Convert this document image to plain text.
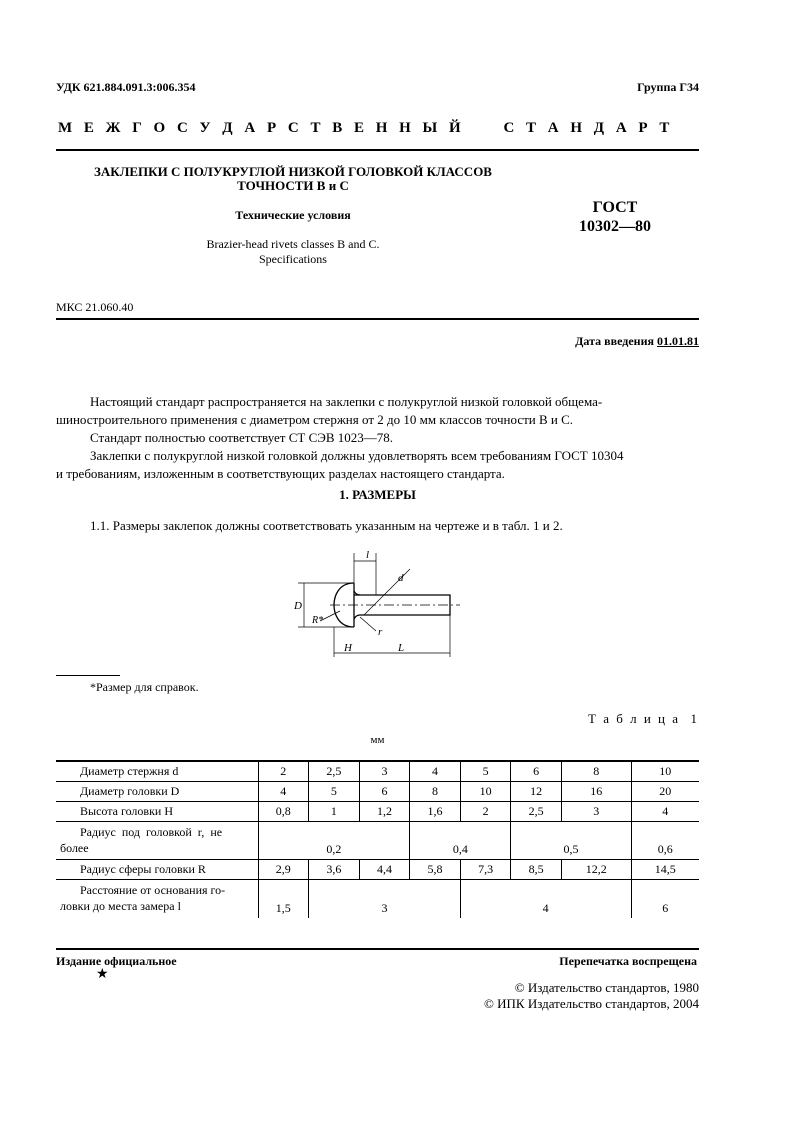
УДК 621.884.091.3:006.354	Группа Г34
М Е Ж Г О С У Д А Р С Т В Е Н Н Ы Й     С Т А Н Д А Р Т
ЗАКЛЕПКИ С ПОЛУКРУГЛОЙ НИЗКОЙ ГОЛОВКОЙ КЛАССОВ
ТОЧНОСТИ В и С
Технические условия
Brazier-head rivets classes B and C.
Specifications
ГОСТ
10302—80
МКС 21.060.40
Дата введения 01.01.81
Настоящий стандарт распространяется на заклепки с полукруглой низкой головкой общема-
шиностроительного применения с диаметром стержня от 2 до 10 мм классов точности В и С.
Стандарт полностью соответствует СТ СЭВ 1023—78.
Заклепки с полукруглой низкой головкой должны удовлетворять всем требованиям ГОСТ 10304
и требованиям, изложенным в соответствующих разделах настоящего стандарта.
1. РАЗМЕРЫ
1.1. Размеры заклепок должны соответствовать указанным на чертеже и в табл. 1 и 2.
l
d
D
R*
r
H	L
*Размер для справок.
Т а б л и ц а  1
мм
Диаметр стержня d	2	2,5	3	4	5	6	8	10
Диаметр головки D	4	5	6	8	10	12	16	20
Высота головки H	0,8	1	1,2	1,6	2	2,5	3	4

Радиус под головкой r, не
более	0,2			0,4		0,5		0,6
Радиус сферы головки R	2,9	3,6	4,4	5,8	7,3	8,5	12,2	14,5

Расстояние от основания го-
ловки до места замера l	1,5	3			4			6
Издание официальное
★
Перепечатка воспрещена
© Издательство стандартов, 1980
© ИПК Издательство стандартов, 2004
